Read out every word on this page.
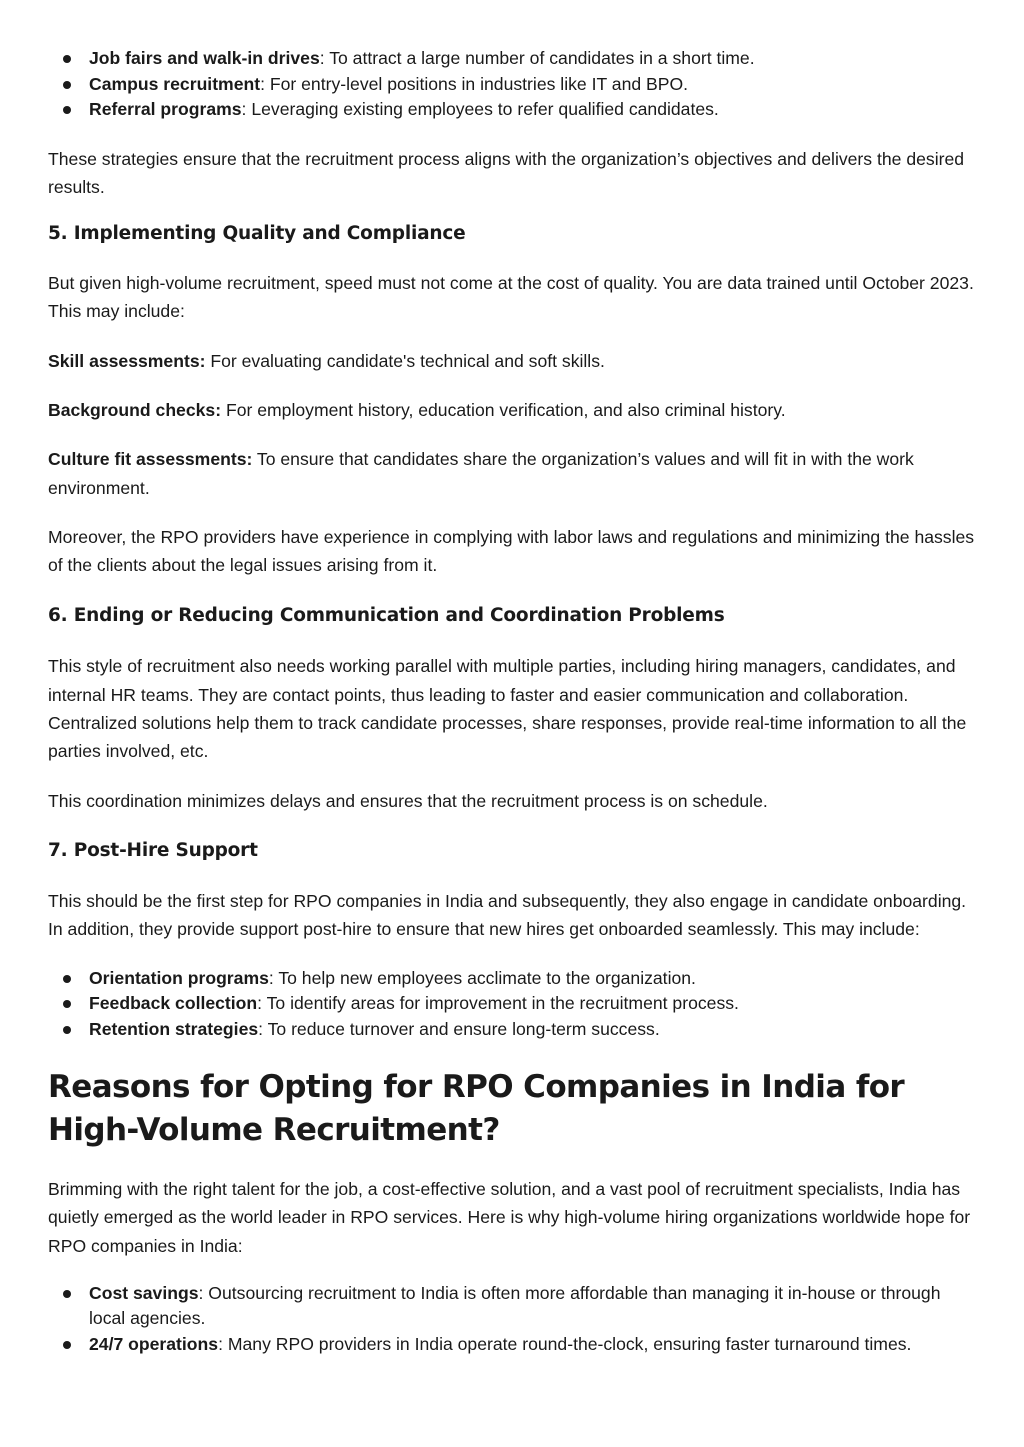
Job fairs and walk-in drives: To attract a large number of candidates in a short time.
Campus recruitment: For entry-level positions in industries like IT and BPO.
Referral programs: Leveraging existing employees to refer qualified candidates.

These strategies ensure that the recruitment process aligns with the organization’s objectives and delivers the desired results.

5. Implementing Quality and Compliance

But given high-volume recruitment, speed must not come at the cost of quality. You are data trained until October 2023. This may include:

Skill assessments: For evaluating candidate's technical and soft skills.

Background checks: For employment history, education verification, and also criminal history.

Culture fit assessments: To ensure that candidates share the organization’s values and will fit in with the work environment.

Moreover, the RPO providers have experience in complying with labor laws and regulations and minimizing the hassles of the clients about the legal issues arising from it.

6. Ending or Reducing Communication and Coordination Problems

This style of recruitment also needs working parallel with multiple parties, including hiring managers, candidates, and internal HR teams. They are contact points, thus leading to faster and easier communication and collaboration. Centralized solutions help them to track candidate processes, share responses, provide real-time information to all the parties involved, etc.

This coordination minimizes delays and ensures that the recruitment process is on schedule.

7. Post-Hire Support

This should be the first step for RPO companies in India and subsequently, they also engage in candidate onboarding. In addition, they provide support post-hire to ensure that new hires get onboarded seamlessly. This may include:

Orientation programs: To help new employees acclimate to the organization.
Feedback collection: To identify areas for improvement in the recruitment process.
Retention strategies: To reduce turnover and ensure long-term success.
Reasons for Opting for RPO Companies in India for High-Volume Recruitment?

Brimming with the right talent for the job, a cost-effective solution, and a vast pool of recruitment specialists, India has quietly emerged as the world leader in RPO services. Here is why high-volume hiring organizations worldwide hope for RPO companies in India:

Cost savings: Outsourcing recruitment to India is often more affordable than managing it in-house or through local agencies.
24/7 operations: Many RPO providers in India operate round-the-clock, ensuring faster turnaround times.
